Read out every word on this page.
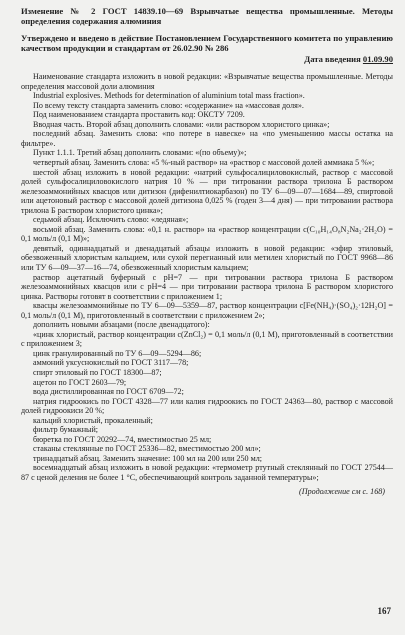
Изменение № 2 ГОСТ 14839.10—69 Взрывчатые вещества промышленные. Методы определения содержания алюминия

Утверждено и введено в действие Постановлением Государственного комитета по управлению качеством продукции и стандартам от 26.02.90 № 286

Дата введения 01.09.90

Наименование стандарта изложить в новой редакции: «Взрывчатые вещества промышленные. Методы определения массовой доли алюминия

Industrial explosives. Methods for determination of aluminium total mass fraction».

По всему тексту стандарта заменить слово: «содержание» на «массовая доля».

Под наименованием стандарта проставить код: ОКСТУ 7209.

Вводная часть. Второй абзац дополнить словами: «или раствором хлористого цинка»;

последний абзац. Заменить слова: «по потере в навеске» на «по уменьшению массы остатка на фильтре».

Пункт 1.1.1. Третий абзац дополнить словами: «(по объему)»;

четвертый абзац. Заменить слова: «5 %-ный раствор» на «раствор с массовой долей аммиака 5 %»;

шестой абзац изложить в новой редакции: «натрий сульфосалициловокислый, раствор с массовой долей сульфосалициловокислого натрия 10 % — при титровании раствора трилона Б раствором железоаммонийных квасцов или дитизон (дифенилтиокарбазон) по ТУ 6—09—07—1684—89, спиртовой или ацетоновый раствор с массовой долей дитизона 0,025 % (годен 3—4 дня) — при титровании раствора трилона Б раствором хлористого цинка»;

седьмой абзац. Исключить слово: «ледяная»;

восьмой абзац. Заменить слова: «0,1 н. раствор» на «раствор концентрации c(C₁₀H₁₄O₈N₂Na₂·2H₂O) = 0,1 моль/л (0,1 М)»;

девятый, одиннадцатый и двенадцатый абзацы изложить в новой редакции: «эфир этиловый, обезвоженный хлористым кальцием, или сухой перегнанный или метилен хлористый по ГОСТ 9968—86 или ТУ 6—09—37—16—74, обезвоженный хлористым кальцием;

раствор ацетатный буферный с pH=7 — при титровании раствора трилона Б раствором железоаммонийных квасцов или с pH=4 — при титровании раствора трилона Б раствором хлористого цинка. Растворы готовят в соответствии с приложением 1;

квасцы железоаммонийные по ТУ 6—09—5359—87, раствор концентрации c[Fe(NH₄)·(SO₄)₂·12H₂O] = 0,1 моль/л (0,1 М), приготовленный в соответствии с приложением 2»;

дополнить новыми абзацами (после двенадцатого):

«цинк хлористый, раствор концентрации c(ZnCl₂) = 0,1 моль/л (0,1 М), приготовленный в соответствии с приложением 3;

цинк гранулированный по ТУ 6—09—5294—86;

аммоний уксуснокислый по ГОСТ 3117—78;

спирт этиловый по ГОСТ 18300—87;

ацетон по ГОСТ 2603—79;

вода дистиллированная по ГОСТ 6709—72;

натрия гидроокись по ГОСТ 4328—77 или калия гидроокись по ГОСТ 24363—80, раствор с массовой долей гидроокиси 20 %;

кальций хлористый, прокаленный;

фильтр бумажный;

бюретка по ГОСТ 20292—74, вместимостью 25 мл;

стаканы стеклянные по ГОСТ 25336—82, вместимостью 200 мл»;

тринадцатый абзац. Заменить значение: 100 мл на 200 или 250 мл;

восемнадцатый абзац изложить в новой редакции: «термометр ртутный стеклянный по ГОСТ 27544—87 с ценой деления не более 1 °С, обеспечивающий контроль заданной температуры»;

(Продолжение см с. 168)

167
